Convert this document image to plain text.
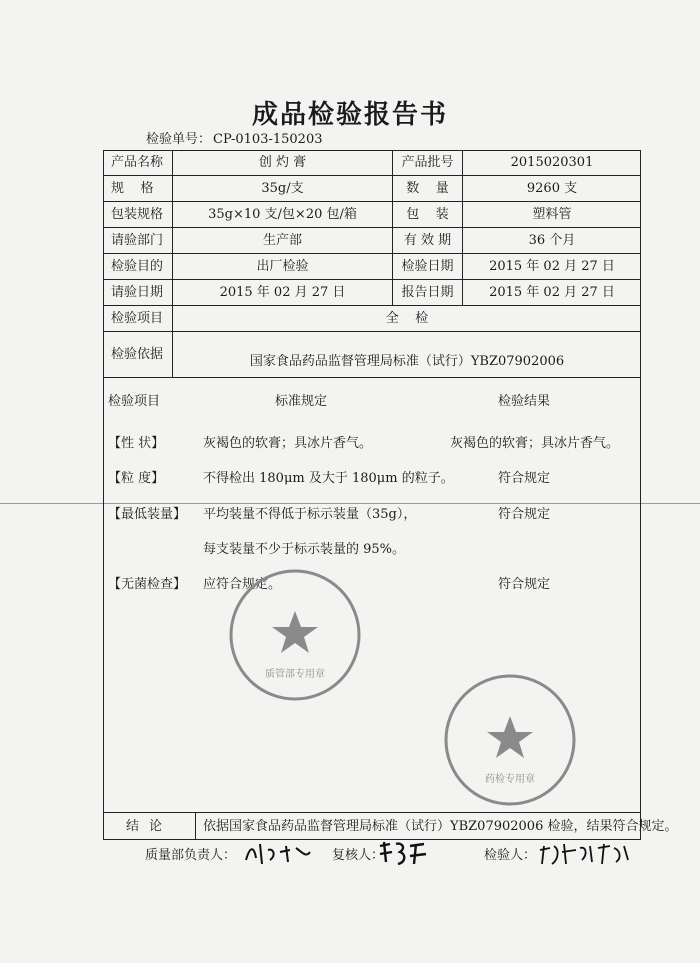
成品检验报告书
检验单号： CP-0103-150203
产品名称	创 灼 膏	产品批号	2015020301
规    格	35g/支	数    量	9260 支
包装规格	35g×10 支/包×20 包/箱	包    装	塑料管
请验部门	生产部	有 效 期	36 个月
检验目的	出厂检验	检验日期	2015 年 02 月 27 日
请验日期	2015 年 02 月 27 日	报告日期	2015 年 02 月 27 日
检验项目	全    检
检验依据	国家食品药品监督管理局标准（试行）YBZ07902006
检验项目	标准规定	检验结果
【性 状】	灰褐色的软膏；具冰片香气。	灰褐色的软膏；具冰片香气。
【粒 度】	不得检出 180μm 及大于 180μm 的粒子。	符合规定
【最低装量】 平均装量不得低于标示装量（35g），	符合规定
每支装量不少于标示装量的 95%。
【无菌检查】 应符合规定。	符合规定
质管部专用章
药检专用章
结论	依据国家食品药品监督管理局标准（试行）YBZ07902006 检验，结果符合规定。
质量部负责人：	复核人：	检验人：
